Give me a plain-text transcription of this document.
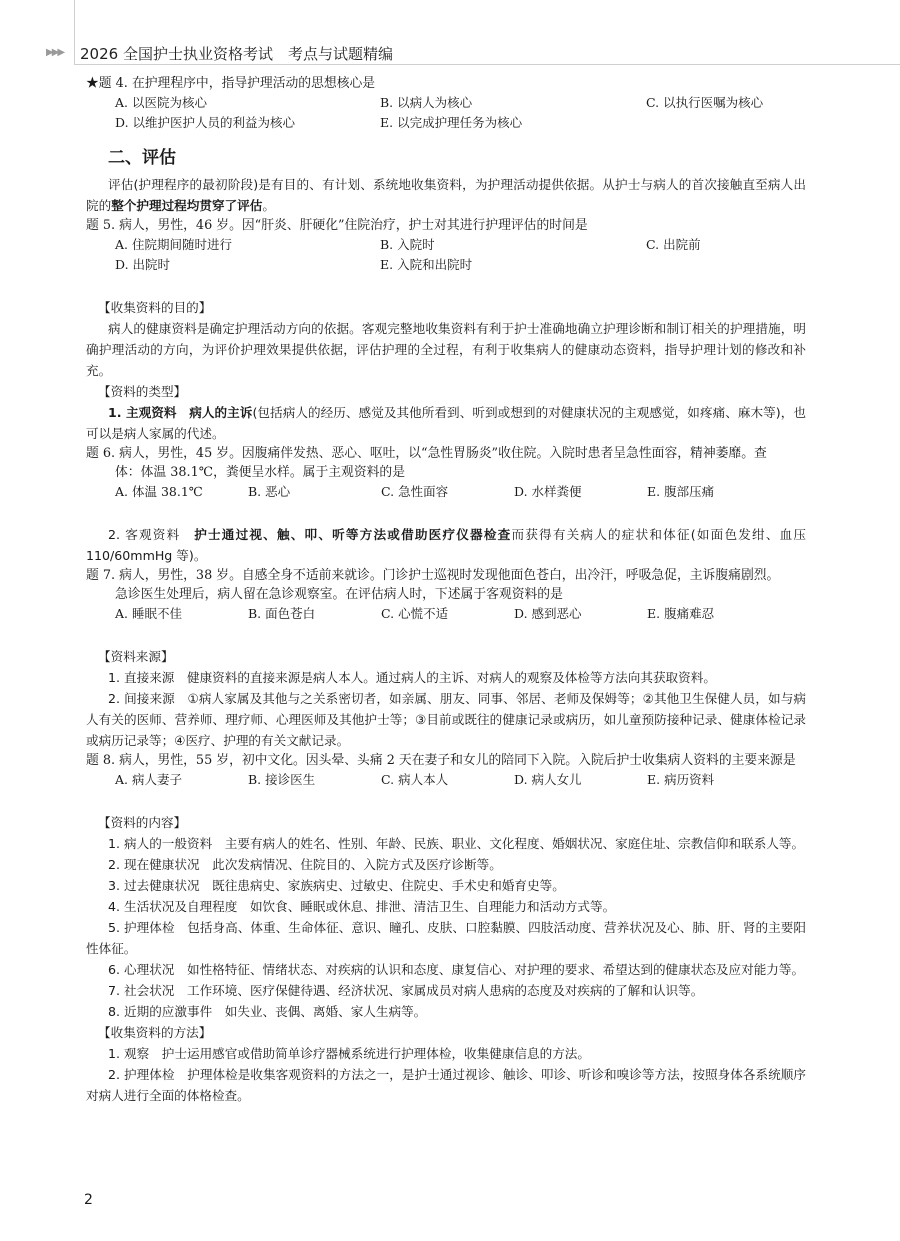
▶▶▶ 2026 全国护士执业资格考试　考点与试题精编

★题 4. 在护理程序中，指导护理活动的思想核心是

A. 以医院为核心	B. 以病人为核心	C. 以执行医嘱为核心
D. 以维护医护人员的利益为核心	E. 以完成护理任务为核心
二、评估

评估(护理程序的最初阶段)是有目的、有计划、系统地收集资料，为护理活动提供依据。从护士与病人的首次接触直至病人出院的整个护理过程均贯穿了评估。

题 5. 病人，男性，46 岁。因“肝炎、肝硬化”住院治疗，护士对其进行护理评估的时间是

A. 住院期间随时进行	B. 入院时	C. 出院前
D. 出院时	E. 入院和出院时

【收集资料的目的】

病人的健康资料是确定护理活动方向的依据。客观完整地收集资料有利于护士准确地确立护理诊断和制订相关的护理措施，明确护理活动的方向，为评价护理效果提供依据，评估护理的全过程，有利于收集病人的健康动态资料，指导护理计划的修改和补充。

【资料的类型】

1. 主观资料　病人的主诉(包括病人的经历、感觉及其他所看到、听到或想到的对健康状况的主观感觉，如疼痛、麻木等)，也可以是病人家属的代述。

题 6. 病人，男性，45 岁。因腹痛伴发热、恶心、呕吐，以“急性胃肠炎”收住院。入院时患者呈急性面容，精神萎靡。查

体：体温 38.1℃，粪便呈水样。属于主观资料的是

A. 体温 38.1℃	B. 恶心	C. 急性面容	D. 水样粪便	E. 腹部压痛

2. 客观资料　护士通过视、触、叩、听等方法或借助医疗仪器检查而获得有关病人的症状和体征(如面色发绀、血压 110/60mmHg 等)。

题 7. 病人，男性，38 岁。自感全身不适前来就诊。门诊护士巡视时发现他面色苍白，出冷汗，呼吸急促，主诉腹痛剧烈。

急诊医生处理后，病人留在急诊观察室。在评估病人时，下述属于客观资料的是

A. 睡眠不佳	B. 面色苍白	C. 心慌不适	D. 感到恶心	E. 腹痛难忍

【资料来源】

1. 直接来源　健康资料的直接来源是病人本人。通过病人的主诉、对病人的观察及体检等方法向其获取资料。

2. 间接来源　①病人家属及其他与之关系密切者，如亲属、朋友、同事、邻居、老师及保姆等；②其他卫生保健人员，如与病人有关的医师、营养师、理疗师、心理医师及其他护士等；③目前或既往的健康记录或病历，如儿童预防接种记录、健康体检记录或病历记录等；④医疗、护理的有关文献记录。

题 8. 病人，男性，55 岁，初中文化。因头晕、头痛 2 天在妻子和女儿的陪同下入院。入院后护士收集病人资料的主要来源是

A. 病人妻子	B. 接诊医生	C. 病人本人	D. 病人女儿	E. 病历资料

【资料的内容】

1. 病人的一般资料　主要有病人的姓名、性别、年龄、民族、职业、文化程度、婚姻状况、家庭住址、宗教信仰和联系人等。

2. 现在健康状况　此次发病情况、住院目的、入院方式及医疗诊断等。

3. 过去健康状况　既往患病史、家族病史、过敏史、住院史、手术史和婚育史等。

4. 生活状况及自理程度　如饮食、睡眠或休息、排泄、清洁卫生、自理能力和活动方式等。

5. 护理体检　包括身高、体重、生命体征、意识、瞳孔、皮肤、口腔黏膜、四肢活动度、营养状况及心、肺、肝、肾的主要阳性体征。

6. 心理状况　如性格特征、情绪状态、对疾病的认识和态度、康复信心、对护理的要求、希望达到的健康状态及应对能力等。

7. 社会状况　工作环境、医疗保健待遇、经济状况、家属成员对病人患病的态度及对疾病的了解和认识等。

8. 近期的应激事件　如失业、丧偶、离婚、家人生病等。

【收集资料的方法】

1. 观察　护士运用感官或借助简单诊疗器械系统进行护理体检，收集健康信息的方法。

2. 护理体检　护理体检是收集客观资料的方法之一，是护士通过视诊、触诊、叩诊、听诊和嗅诊等方法，按照身体各系统顺序对病人进行全面的体格检查。

2
